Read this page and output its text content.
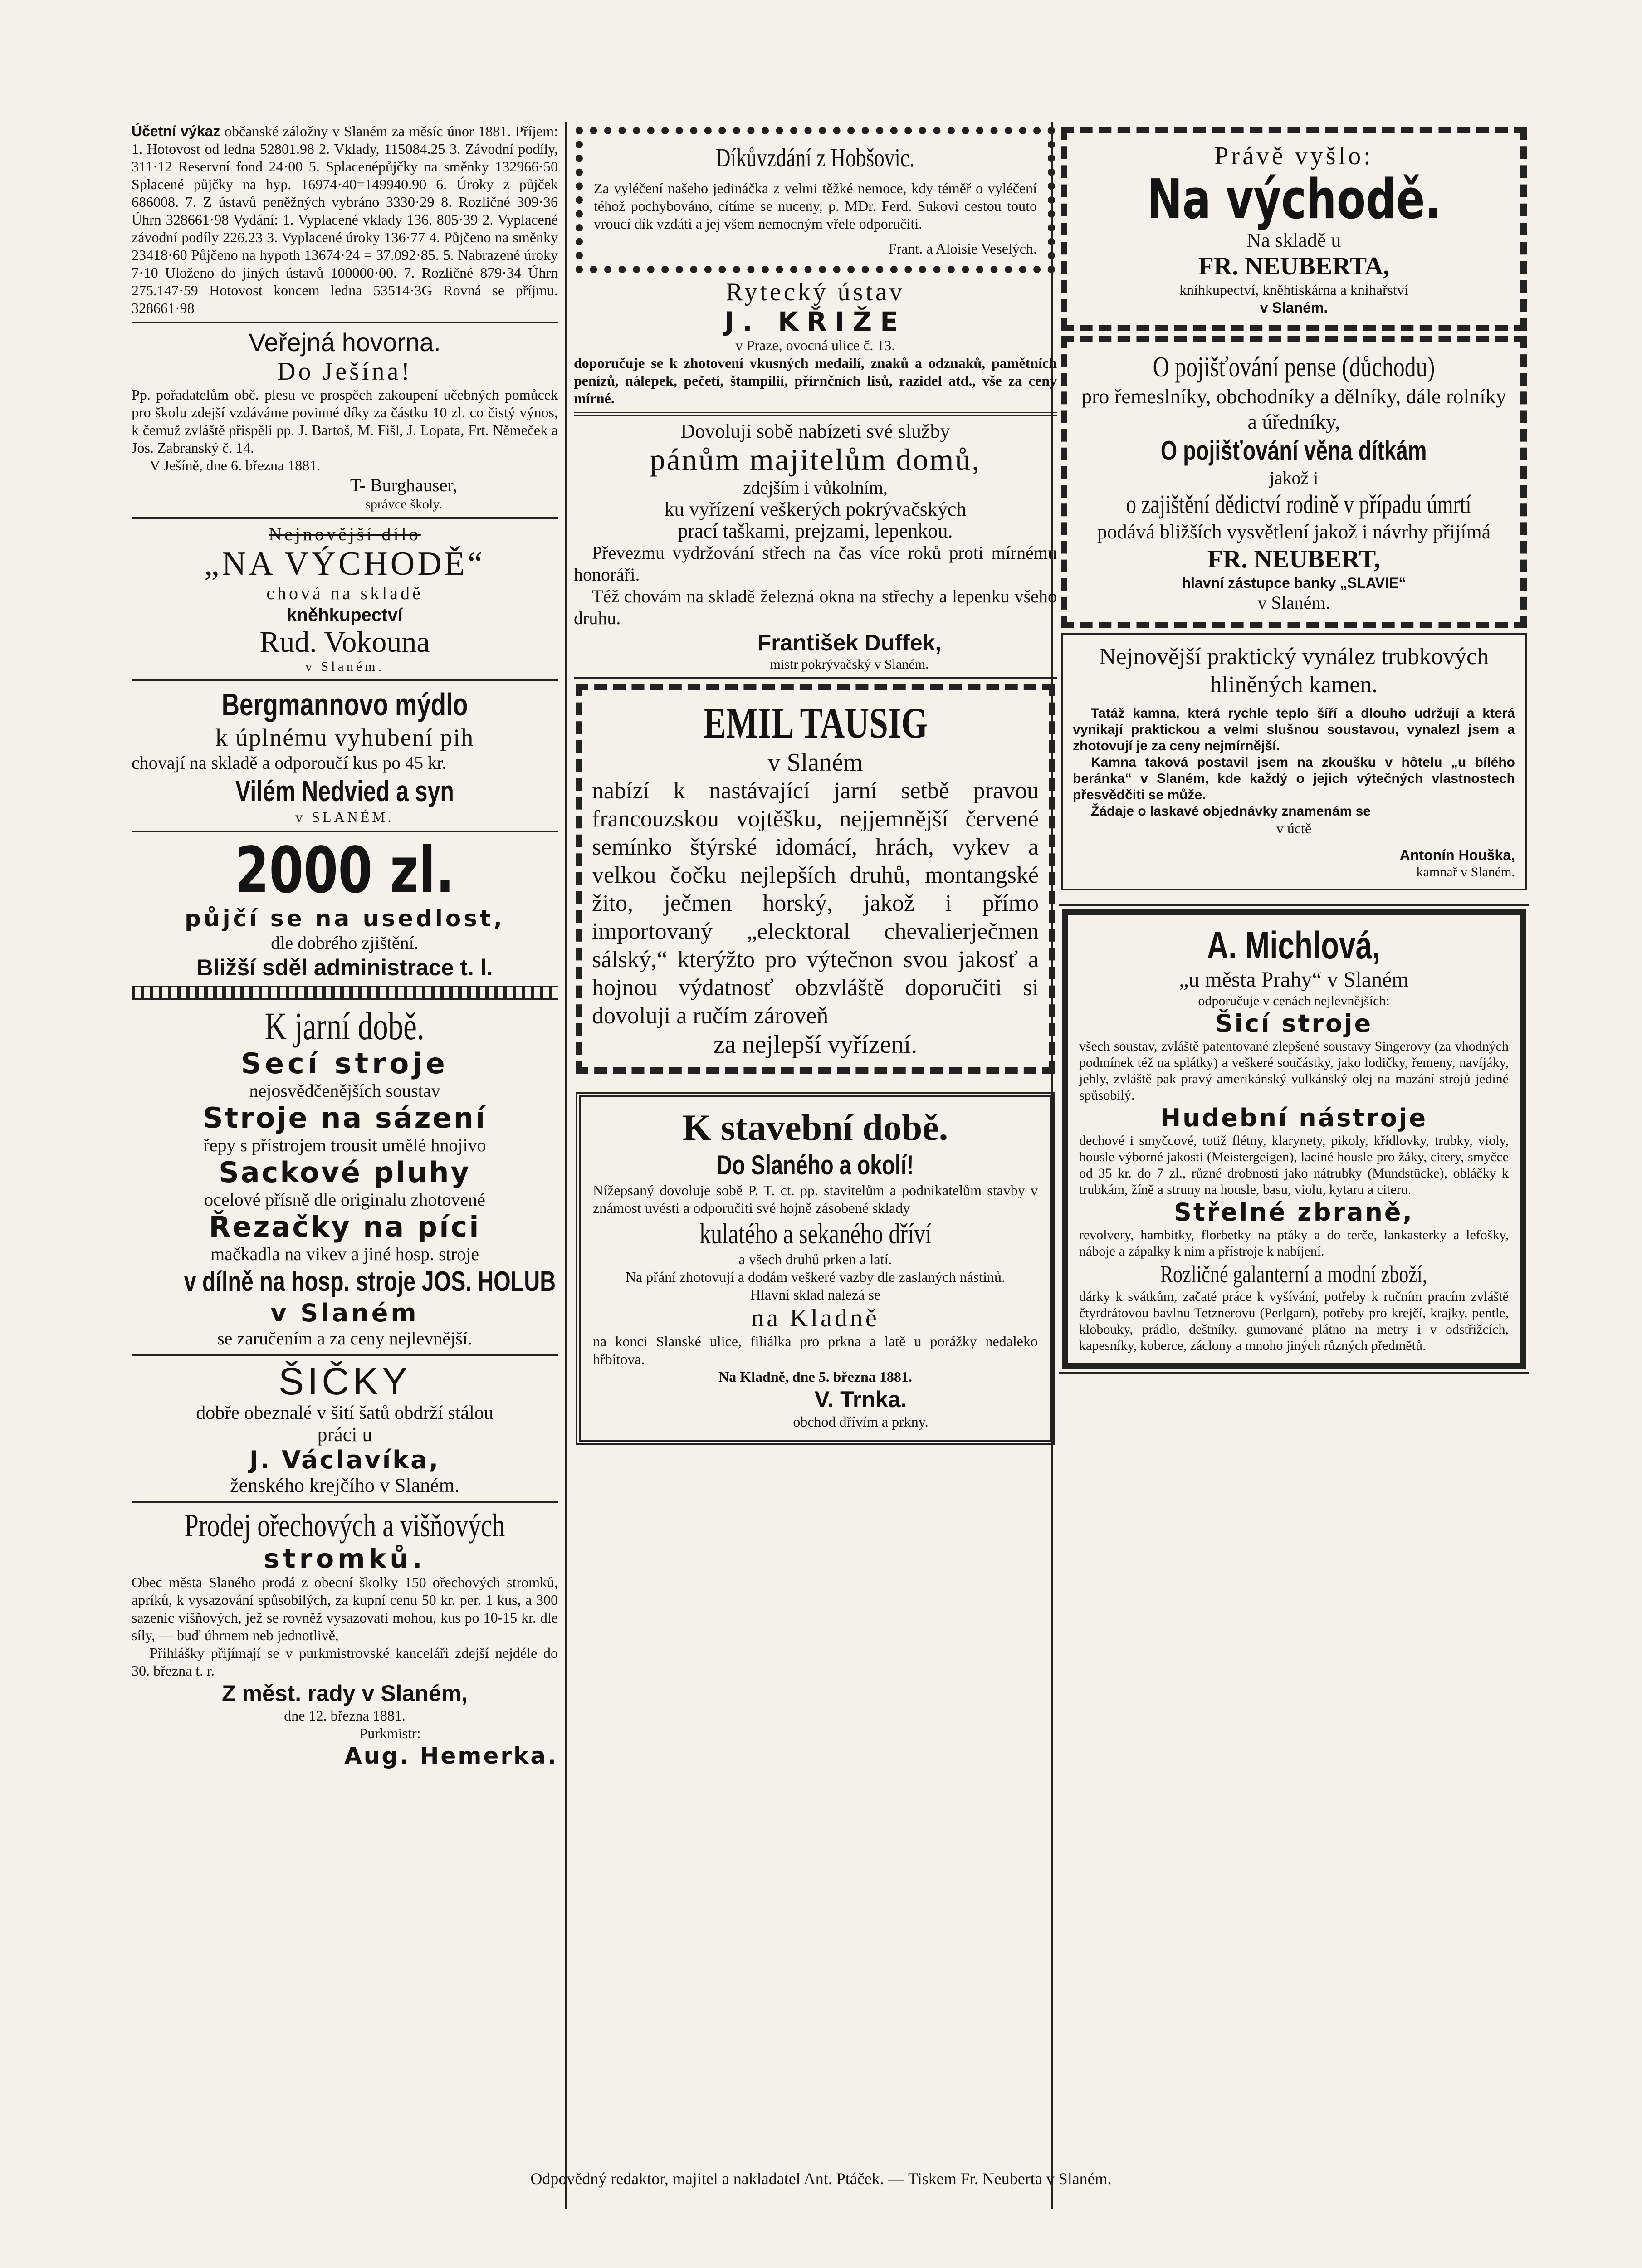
Účetní výkaz občanské záložny v Slaném za měsíc únor 1881. Příjem: 1. Hotovost od ledna 52801.98 2. Vklady, 115084.25 3. Závodní podíly, 311·12 Reservní fond 24·00 5. Splacenépůjčky na směnky 132966·50 Splacené půjčky na hyp. 16974·40=149940.90 6. Úroky z půjček 686008. 7. Z ústavů peněžných vybráno 3330·29 8. Rozličné 309·36 Úhrn 328661·98 Vydání: 1. Vyplacené vklady 136. 805·39 2. Vyplacené závodní podíly 226.23 3. Vyplacené úroky 136·77 4. Půjčeno na směnky 23418·60 Půjčeno na hypoth 13674·24 = 37.092·85. 5. Nabrazené úroky 7·10 Uloženo do jiných ústavů 100000·00. 7. Rozličné 879·34 Úhrn 275.147·59 Hotovost koncem ledna 53514·3G Rovná se příjmu. 328661·98

Veřejná hovorna.

Do Ješína!

Pp. pořadatelům obč. plesu ve prospěch zakoupení učebných pomůcek pro školu zdejší vzdáváme povinné díky za částku 10 zl. co čistý výnos, k čemuž zvláště přispěli pp. J. Bartoš, M. Fišl, J. Lopata, Frt. Němeček a Jos. Zabranský č. 14.

V Ješíně, dne 6. března 1881.

T- Burghauser,

správce školy.

Nejnovější dílo

„NA VÝCHODĚ“

chová na skladě

kněhkupectví

Rud. Vokouna

v Slaném.

Bergmannovo mýdlo

k úplnému vyhubení pih

chovají na skladě a odporoučí kus po 45 kr.

Vilém Nedvied a syn

v SLANÉM.

2000 zl.

půjčí se na usedlost,

dle dobrého zjištění.

Bližší sděl administrace t. l.

K jarní době.

Secí stroje

nejosvědčenějších soustav

Stroje na sázení

řepy s přístrojem trousit umělé hnojivo

Sackové pluhy

ocelové přísně dle originalu zhotovené

Řezačky na píci

mačkadla na vikev a jiné hosp. stroje

v dílně na hosp. stroje JOS. HOLUB

v Slaném

se zaručením a za ceny nejlevnější.

ŠIČKY

dobře obeznalé v šití šatů obdrží stálou

práci u

J. Václavíka,

ženského krejčího v Slaném.

Prodej ořechových a višňových

stromků.

Obec města Slaného prodá z obecní školky 150 ořechových stromků, apríků, k vysazování spůsobilých, za kupní cenu 50 kr. per. 1 kus, a 300 sazenic višňových, jež se rovněž vysazovati mohou, kus po 10-15 kr. dle síly, — buď úhrnem neb jednotlivě,

Přihlášky přijímají se v purkmistrovské kanceláři zdejší nejdéle do 30. března t. r.

Z měst. rady v Slaném,

dne 12. března 1881.

Purkmistr:

Aug. Hemerka.

Díkůvzdání z Hobšovic.

Za vyléčení našeho jedináčka z velmi těžké nemoce, kdy téměř o vyléčení téhož pochybováno, cítíme se nuceny, p. MDr. Ferd. Sukovi cestou touto vroucí dík vzdáti a jej všem nemocným vřele odporučiti.

Frant. a Aloisie Veselých.

Rytecký ústav

J. KŘIŽE

v Praze, ovocná ulice č. 13.

doporučuje se k zhotovení vkusných medailí, znaků a odznaků, pamětních penízů, nálepek, pečetí, štampilií, přírnčních lisů, razidel atd., vše za ceny mírné.

Dovoluji sobě nabízeti své služby

pánům majitelům domů,

zdejším i vůkolním,

ku vyřízení veškerých pokrývačských

prací taškami, prejzami, lepenkou.

Převezmu vydržování střech na čas více roků proti mírnému honoráři.

Též chovám na skladě železná okna na střechy a lepenku všeho druhu.

František Duffek,

mistr pokrývačský v Slaném.

EMIL TAUSIG

v Slaném

nabízí k nastávající jarní setbě pravou francouzskou vojtěšku, nejjemnější červené semínko štýrské idomácí, hrách, vykev a velkou čočku nejlepších druhů, montangské žito, ječmen horský, jakož i přímo importovaný „elecktoral chevalierječmen sálský,“ kterýžto pro výtečnon svou jakosť a hojnou výdatnosť obzvláště doporučiti si dovoluji a ručím zároveň

za nejlepší vyřízení.

K stavební době.

Do Slaného a okolí!

Nížepsaný dovoluje sobě P. T. ct. pp. stavitelům a podnikatelům stavby v známost uvésti a odporučiti své hojně zásobené sklady

kulatého a sekaného dříví

a všech druhů prken a latí.

Na přání zhotovují a dodám veškeré vazby dle zaslaných nástinů.

Hlavní sklad nalezá se

na Kladně

na konci Slanské ulice, filiálka pro prkna a latě u porážky nedaleko hřbitova.

Na Kladně, dne 5. března 1881.

V. Trnka.

obchod dřívím a prkny.

Právě vyšlo:

Na východě.

Na skladě u

FR. NEUBERTA,

kníhkupectví, kněhtiskárna a knihařství

v Slaném.

O pojišťování pense (důchodu)

pro řemeslníky, obchodníky a dělníky, dále rolníky a úředníky,

O pojišťování věna dítkám

jakož i

o zajištění dědictví rodině v případu úmrtí

podává bližších vysvětlení jakož i návrhy přijímá

FR. NEUBERT,

hlavní zástupce banky „SLAVIE“

v Slaném.

Nejnovější praktický vynález trubkových hliněných kamen.

Tatáž kamna, která rychle teplo šíří a dlouho udržují a která vynikají praktickou a velmi slušnou soustavou, vynalezl jsem a zhotovují je za ceny nejmírnější.

Kamna taková postavil jsem na zkoušku v hôtelu „u bílého beránka“ v Slaném, kde každý o jejich výtečných vlastnostech přesvědčiti se může.

Žádaje o laskavé objednávky znamenám se

v úctě

Antonín Houška,

kamnař v Slaném.

A. Michlová,

„u města Prahy“ v Slaném

odporučuje v cenách nejlevnějších:

Šicí stroje

všech soustav, zvláště patentované zlepšené soustavy Singerovy (za vhodných podmínek též na splátky) a veškeré součástky, jako lodičky, řemeny, navíjáky, jehly, zvláště pak pravý amerikánský vulkánský olej na mazání strojů jediné spůsobilý.

Hudební nástroje

dechové i smyčcové, totiž flétny, klarynety, pikoly, křídlovky, trubky, violy, housle výborné jakosti (Meistergeigen), laciné housle pro žáky, citery, smyčce od 35 kr. do 7 zl., různé drobnosti jako nátrubky (Mundstücke), obláčky k trubkám, žíně a struny na housle, basu, violu, kytaru a citeru.

Střelné zbraně,

revolvery, hambitky, florbetky na ptáky a do terče, lankasterky a lefošky, náboje a zápalky k nim a přístroje k nabíjení.

Rozličné galanterní a modní zboží,

dárky k svátkům, začaté práce k vyšívání, potřeby k ručním pracím zvláště čtyrdrátovou bavlnu Tetznerovu (Perlgarn), potřeby pro krejčí, krajky, pentle, klobouky, prádlo, deštníky, gumované plátno na metry i v odstřižcích, kapesníky, koberce, záclony a mnoho jiných různých předmětů.

Odpovědný redaktor, majitel a nakladatel Ant. Ptáček. — Tiskem Fr. Neuberta v Slaném.
